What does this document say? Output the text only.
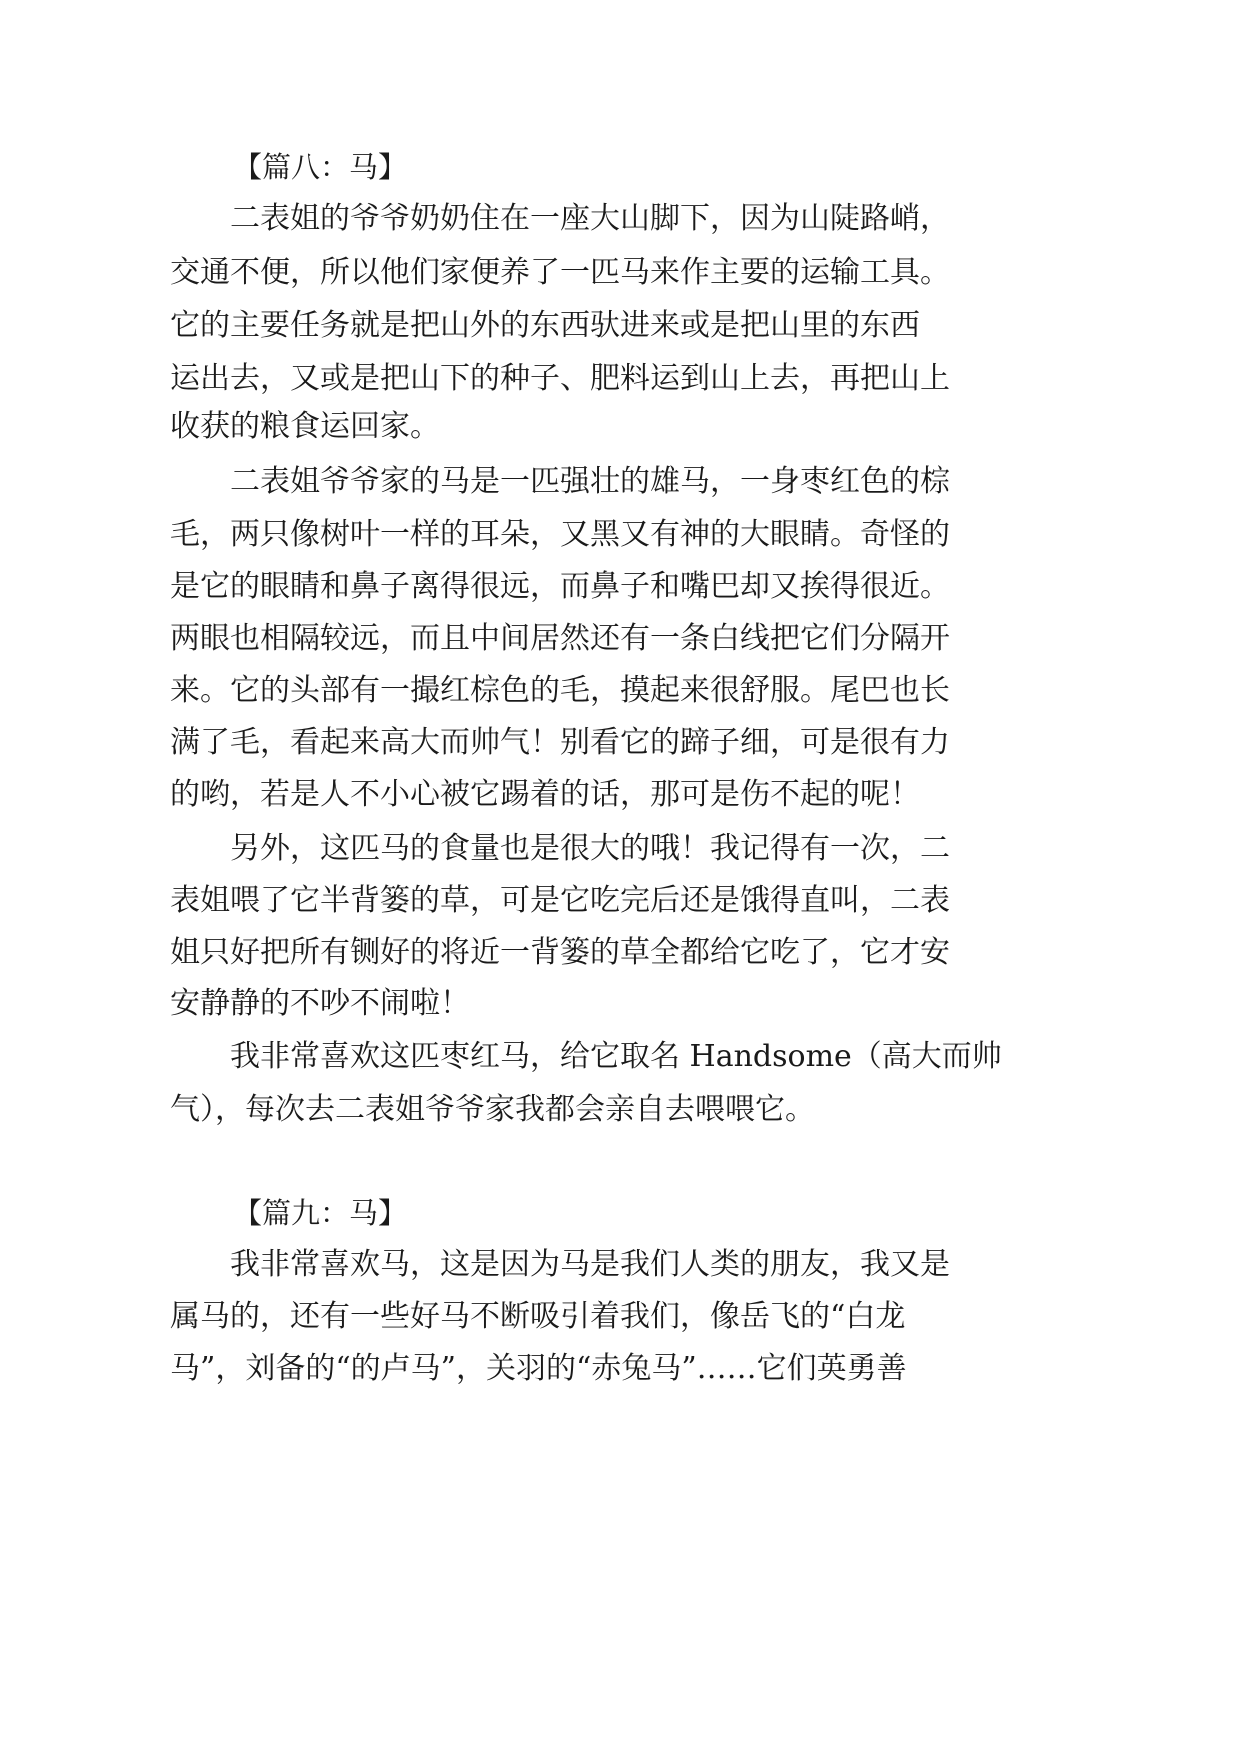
【篇八：马】
二表姐的爷爷奶奶住在一座大山脚下，因为山陡路峭，
交通不便，所以他们家便养了一匹马来作主要的运输工具。
它的主要任务就是把山外的东西驮进来或是把山里的东西
运出去，又或是把山下的种子、肥料运到山上去，再把山上
收获的粮食运回家。
二表姐爷爷家的马是一匹强壮的雄马，一身枣红色的棕
毛，两只像树叶一样的耳朵，又黑又有神的大眼睛。奇怪的
是它的眼睛和鼻子离得很远，而鼻子和嘴巴却又挨得很近。
两眼也相隔较远，而且中间居然还有一条白线把它们分隔开
来。它的头部有一撮红棕色的毛，摸起来很舒服。尾巴也长
满了毛，看起来高大而帅气！别看它的蹄子细，可是很有力
的哟，若是人不小心被它踢着的话，那可是伤不起的呢！
另外，这匹马的食量也是很大的哦！我记得有一次，二
表姐喂了它半背篓的草，可是它吃完后还是饿得直叫，二表
姐只好把所有铡好的将近一背篓的草全都给它吃了，它才安
安静静的不吵不闹啦！
我非常喜欢这匹枣红马，给它取名 Handsome（高大而帅
气），每次去二表姐爷爷家我都会亲自去喂喂它。
【篇九：马】
我非常喜欢马，这是因为马是我们人类的朋友，我又是
属马的，还有一些好马不断吸引着我们，像岳飞的“白龙
马”，刘备的“的卢马”，关羽的“赤兔马”……它们英勇善
